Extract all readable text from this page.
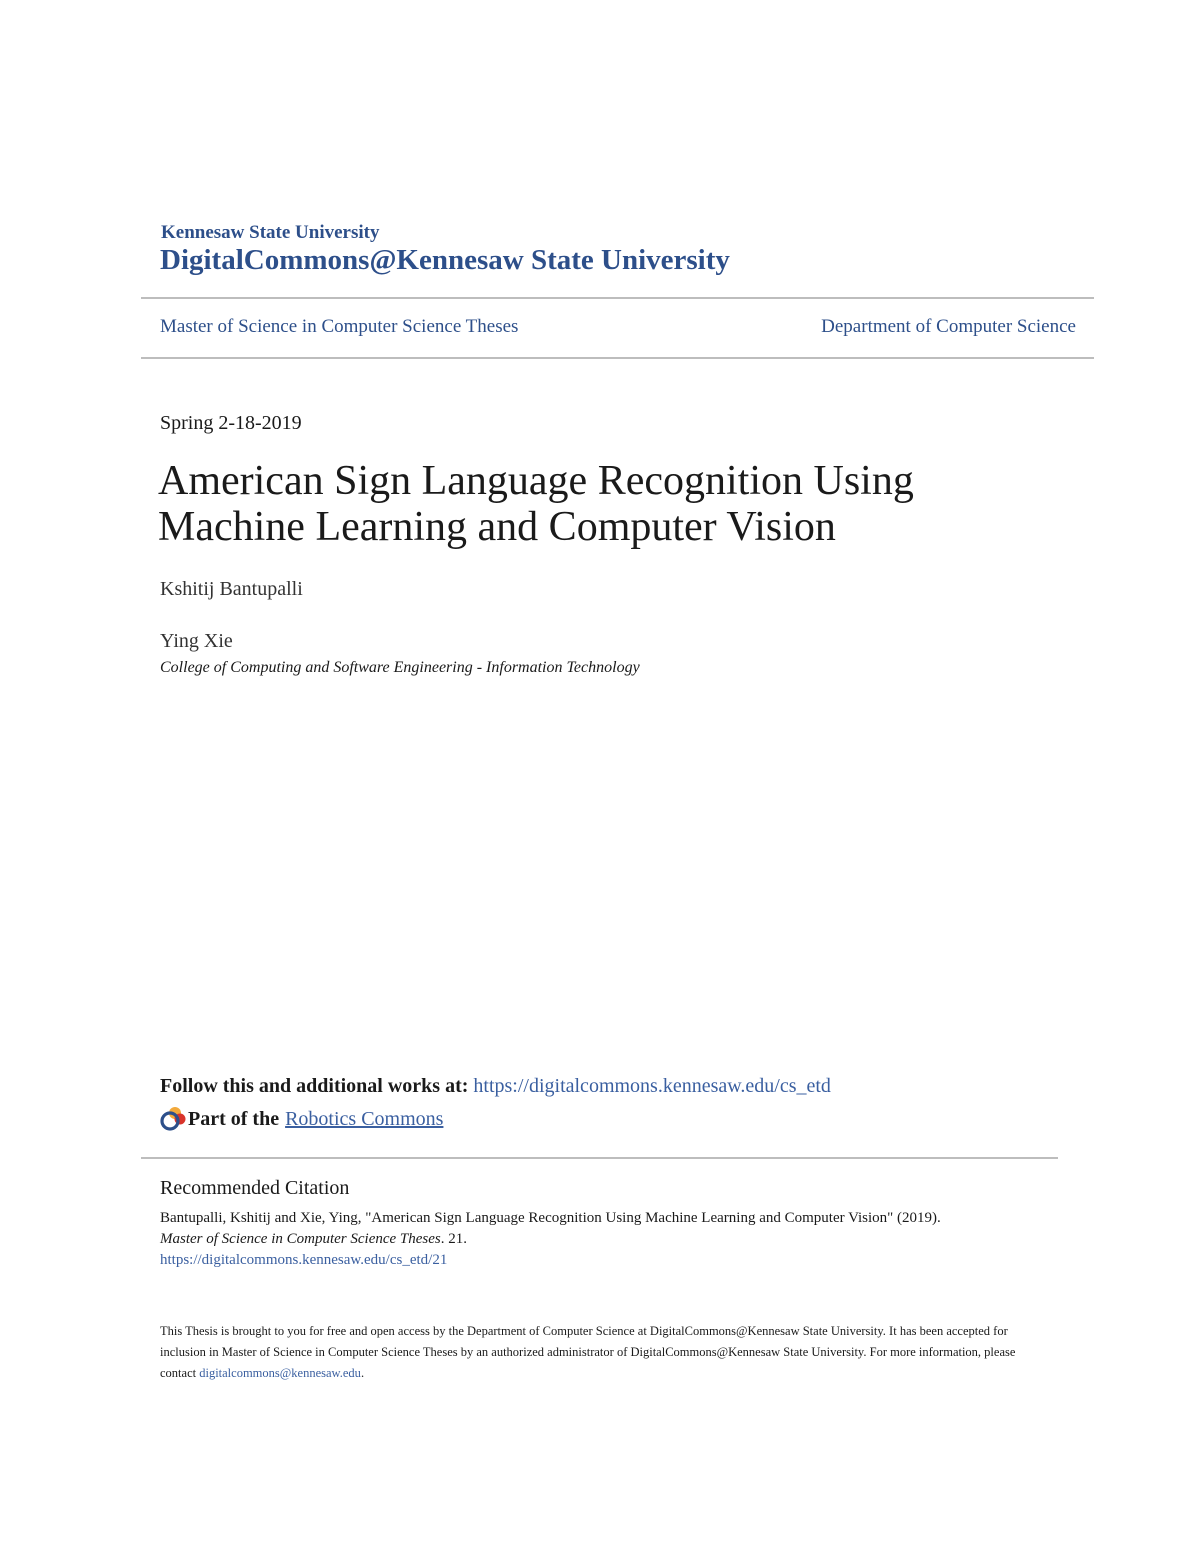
Kennesaw State University
DigitalCommons@Kennesaw State University
Master of Science in Computer Science Theses	Department of Computer Science
Spring 2-18-2019
American Sign Language Recognition Using Machine Learning and Computer Vision
Kshitij Bantupalli
Ying Xie
College of Computing and Software Engineering - Information Technology
Follow this and additional works at: https://digitalcommons.kennesaw.edu/cs_etd
Part of the Robotics Commons
Recommended Citation
Bantupalli, Kshitij and Xie, Ying, "American Sign Language Recognition Using Machine Learning and Computer Vision" (2019).
Master of Science in Computer Science Theses. 21.
https://digitalcommons.kennesaw.edu/cs_etd/21
This Thesis is brought to you for free and open access by the Department of Computer Science at DigitalCommons@Kennesaw State University. It has been accepted for inclusion in Master of Science in Computer Science Theses by an authorized administrator of DigitalCommons@Kennesaw State University. For more information, please contact digitalcommons@kennesaw.edu.
